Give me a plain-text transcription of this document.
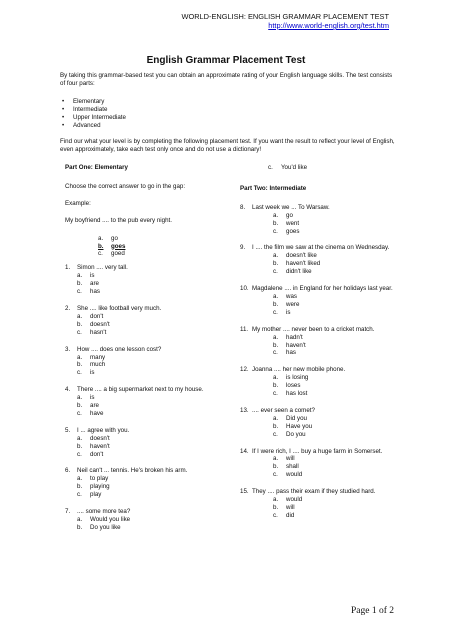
WORLD-ENGLISH: ENGLISH GRAMMAR PLACEMENT TEST
http://www.world-english.org/test.htm
English Grammar Placement Test
By taking this grammar-based test you can obtain an approximate rating of your English language skills. The test consists of four parts:
• Elementary
• Intermediate
• Upper Intermediate
• Advanced
Find our what your level is by completing the following placement test. If you want the result to reflect your level of English, even approximately, take each test only once and do not use a dictionary!
Part One: Elementary
Choose the correct answer to go in the gap:
Example:
My boyfriend .... to the pub every night.
a.	go
b.	goes
c.	goed
1.	Simon .... very tall.
a.	is
b.	are
c.	has
2.	She .... like football very much.
a.	don't
b.	doesn't
c.	hasn't
3.	How .... does one lesson cost?
a.	many
b.	much
c.	is
4.	There .... a big supermarket next to my house.
a.	is
b.	are
c.	have
5.	I ... agree with you.
a.	doesn't
b.	haven't
c.	don't
6.	Neil can't ... tennis. He's broken his arm.
a.	to play
b.	playing
c.	play
7.	.... some more tea?
a.	Would you like
b.	Do you like
c.	You'd like
Part Two: Intermediate
8.	Last week we ... To Warsaw.
a.	go
b.	went
c.	goes
9.	I .... the film we saw at the cinema on Wednesday.
a.	doesn't like
b.	haven't liked
c.	didn't like
10. Magdalene .... in England for her holidays last year.
a.	was
b.	were
c.	is
11. My mother .... never been to a cricket match.
a.	hadn't
b.	haven't
c.	has
12. Joanna .... her new mobile phone.
a.	is losing
b.	loses
c.	has lost
13. .... ever seen a comet?
a.	Did you
b.	Have you
c.	Do you
14. If I were rich, I .... buy a huge farm in Somerset.
a.	will
b.	shall
c.	would
15. They .... pass their exam if they studied hard.
a.	would
b.	will
c.	did
Page 1 of 2
